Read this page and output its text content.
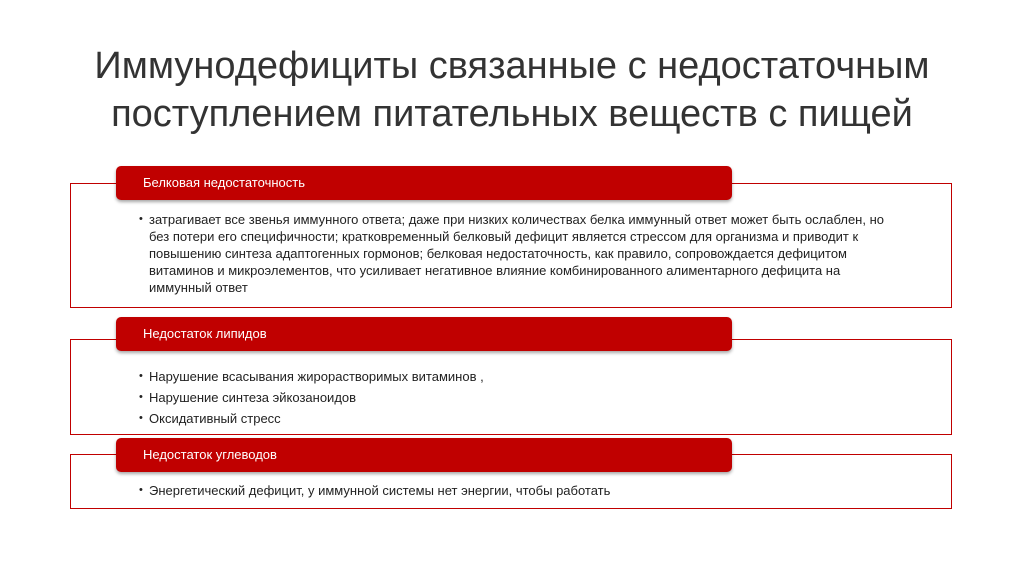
Иммунодефициты связанные с недостаточным
поступлением питательных веществ с пищей
• затрагивает все звенья иммунного ответа; даже при низких количествах белка иммунный ответ может быть ослаблен, но без потери его специфичности; кратковременный белковый дефицит является стрессом для организма и приводит к повышению синтеза адаптогенных гормонов; белковая недостаточность, как правило, сопровождается дефицитом витаминов и микроэлементов, что усиливает негативное влияние комбинированного алиментарного дефицита на иммунный ответ
Белковая недостаточность
• Нарушение всасывания жирорастворимых витаминов ,
• Нарушение синтеза эйкозаноидов
• Оксидативный стресс
Недостаток липидов
• Энергетический дефицит, у иммунной системы нет энергии, чтобы работать
Недостаток углеводов
